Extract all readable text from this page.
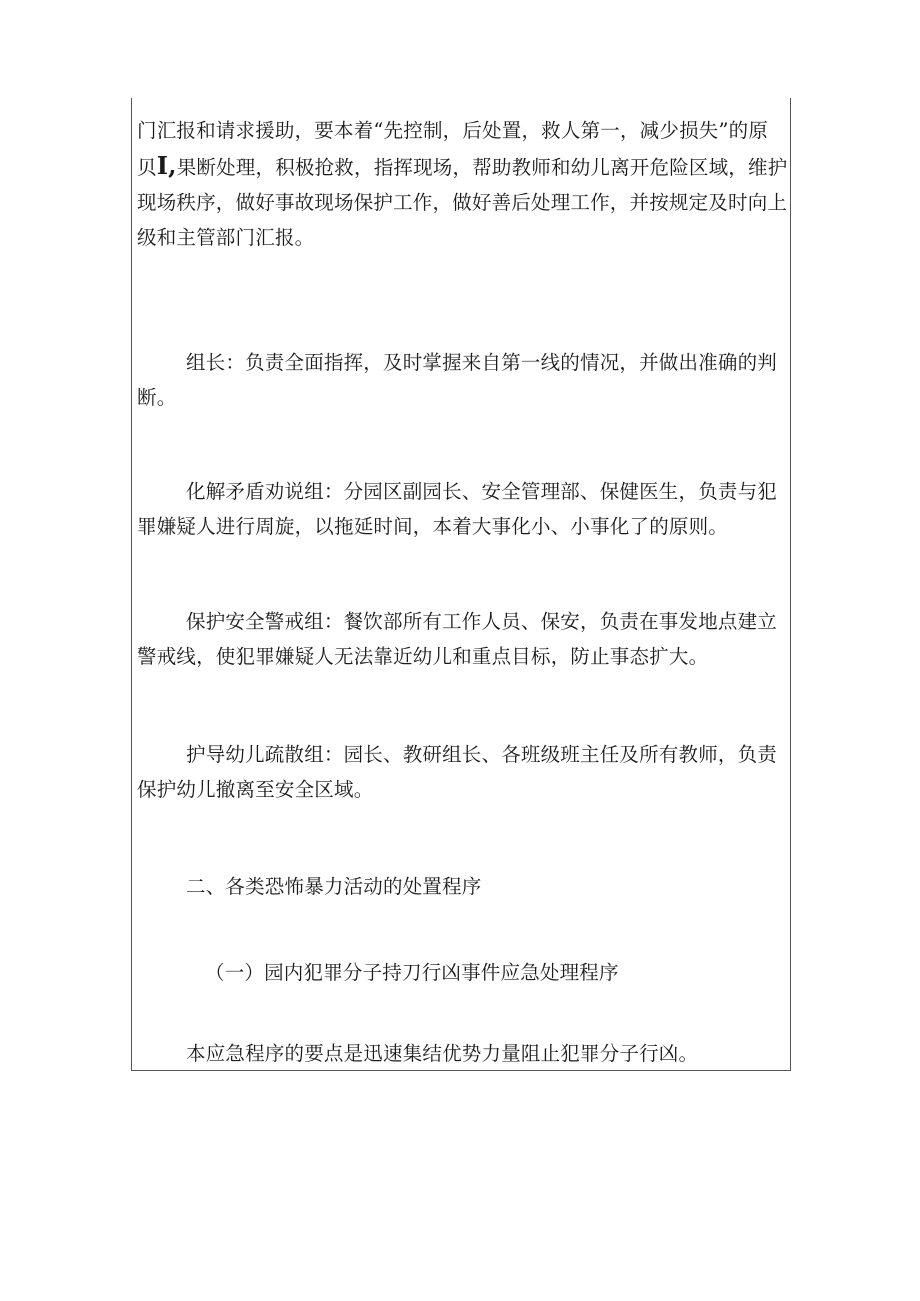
门汇报和请求援助，要本着“先控制，后处置，救人第一，减少损失”的原
贝I,果断处理，积极抢救，指挥现场，帮助教师和幼儿离开危险区域，维护
现场秩序，做好事故现场保护工作，做好善后处理工作，并按规定及时向上
级和主管部门汇报。
组长：负责全面指挥，及时掌握来自第一线的情况，并做出准确的判
断。
化解矛盾劝说组：分园区副园长、安全管理部、保健医生，负责与犯
罪嫌疑人进行周旋，以拖延时间，本着大事化小、小事化了的原则。
保护安全警戒组：餐饮部所有工作人员、保安，负责在事发地点建立
警戒线，使犯罪嫌疑人无法靠近幼儿和重点目标，防止事态扩大。
护导幼儿疏散组：园长、教研组长、各班级班主任及所有教师，负责
保护幼儿撤离至安全区域。
二、各类恐怖暴力活动的处置程序
（一）园内犯罪分子持刀行凶事件应急处理程序
本应急程序的要点是迅速集结优势力量阻止犯罪分子行凶。
